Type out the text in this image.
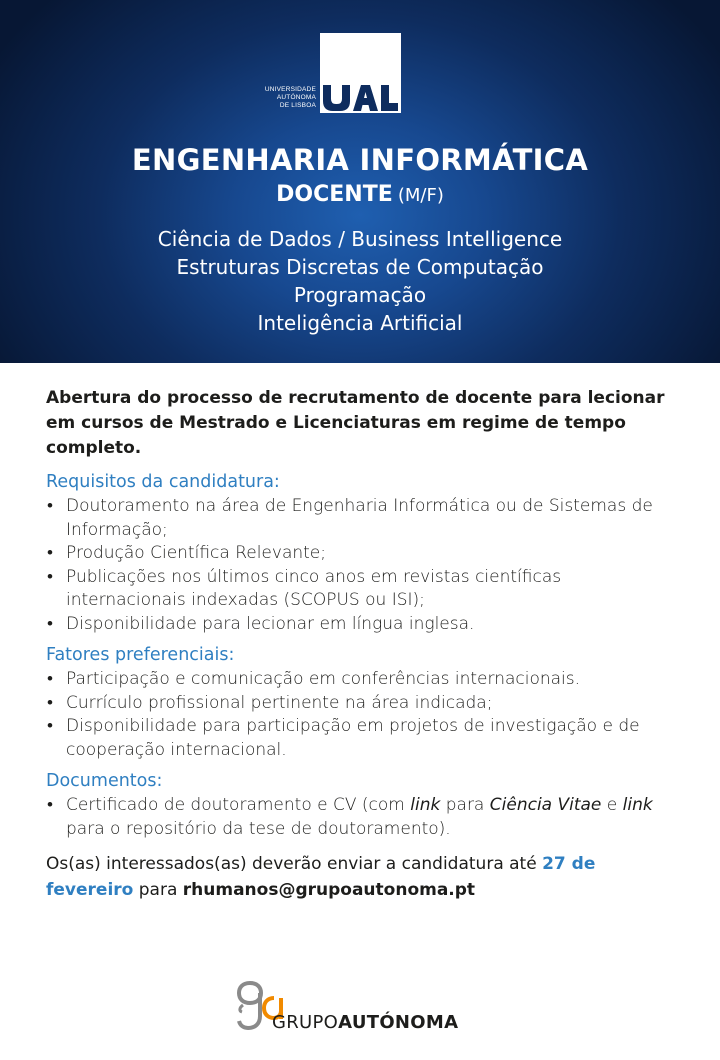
UNIVERSIDADE
AUTÓNOMA
DE LISBOA
ENGENHARIA INFORMÁTICA

DOCENTE (M/F)

Ciência de Dados / Business Intelligence
Estruturas Discretas de Computação
Programação
Inteligência Artificial

Abertura do processo de recrutamento de docente para lecionar em cursos de Mestrado e Licenciaturas em regime de tempo completo.

Requisitos da candidatura:
• Doutoramento na área de Engenharia Informática ou de Sistemas de Informação;
• Produção Científica Relevante;
• Publicações nos últimos cinco anos em revistas científicas internacionais indexadas (SCOPUS ou ISI);
• Disponibilidade para lecionar em língua inglesa.
Fatores preferenciais:
• Participação e comunicação em conferências internacionais.
• Currículo profissional pertinente na área indicada;
• Disponibilidade para participação em projetos de investigação e de cooperação internacional.
Documentos:
• Certificado de doutoramento e CV (com link para Ciência Vitae e link para o repositório da tese de doutoramento).

Os(as) interessados(as) deverão enviar a candidatura até 27 de fevereiro para rhumanos@grupoautonoma.pt

GRUPOAUTÓNOMA
